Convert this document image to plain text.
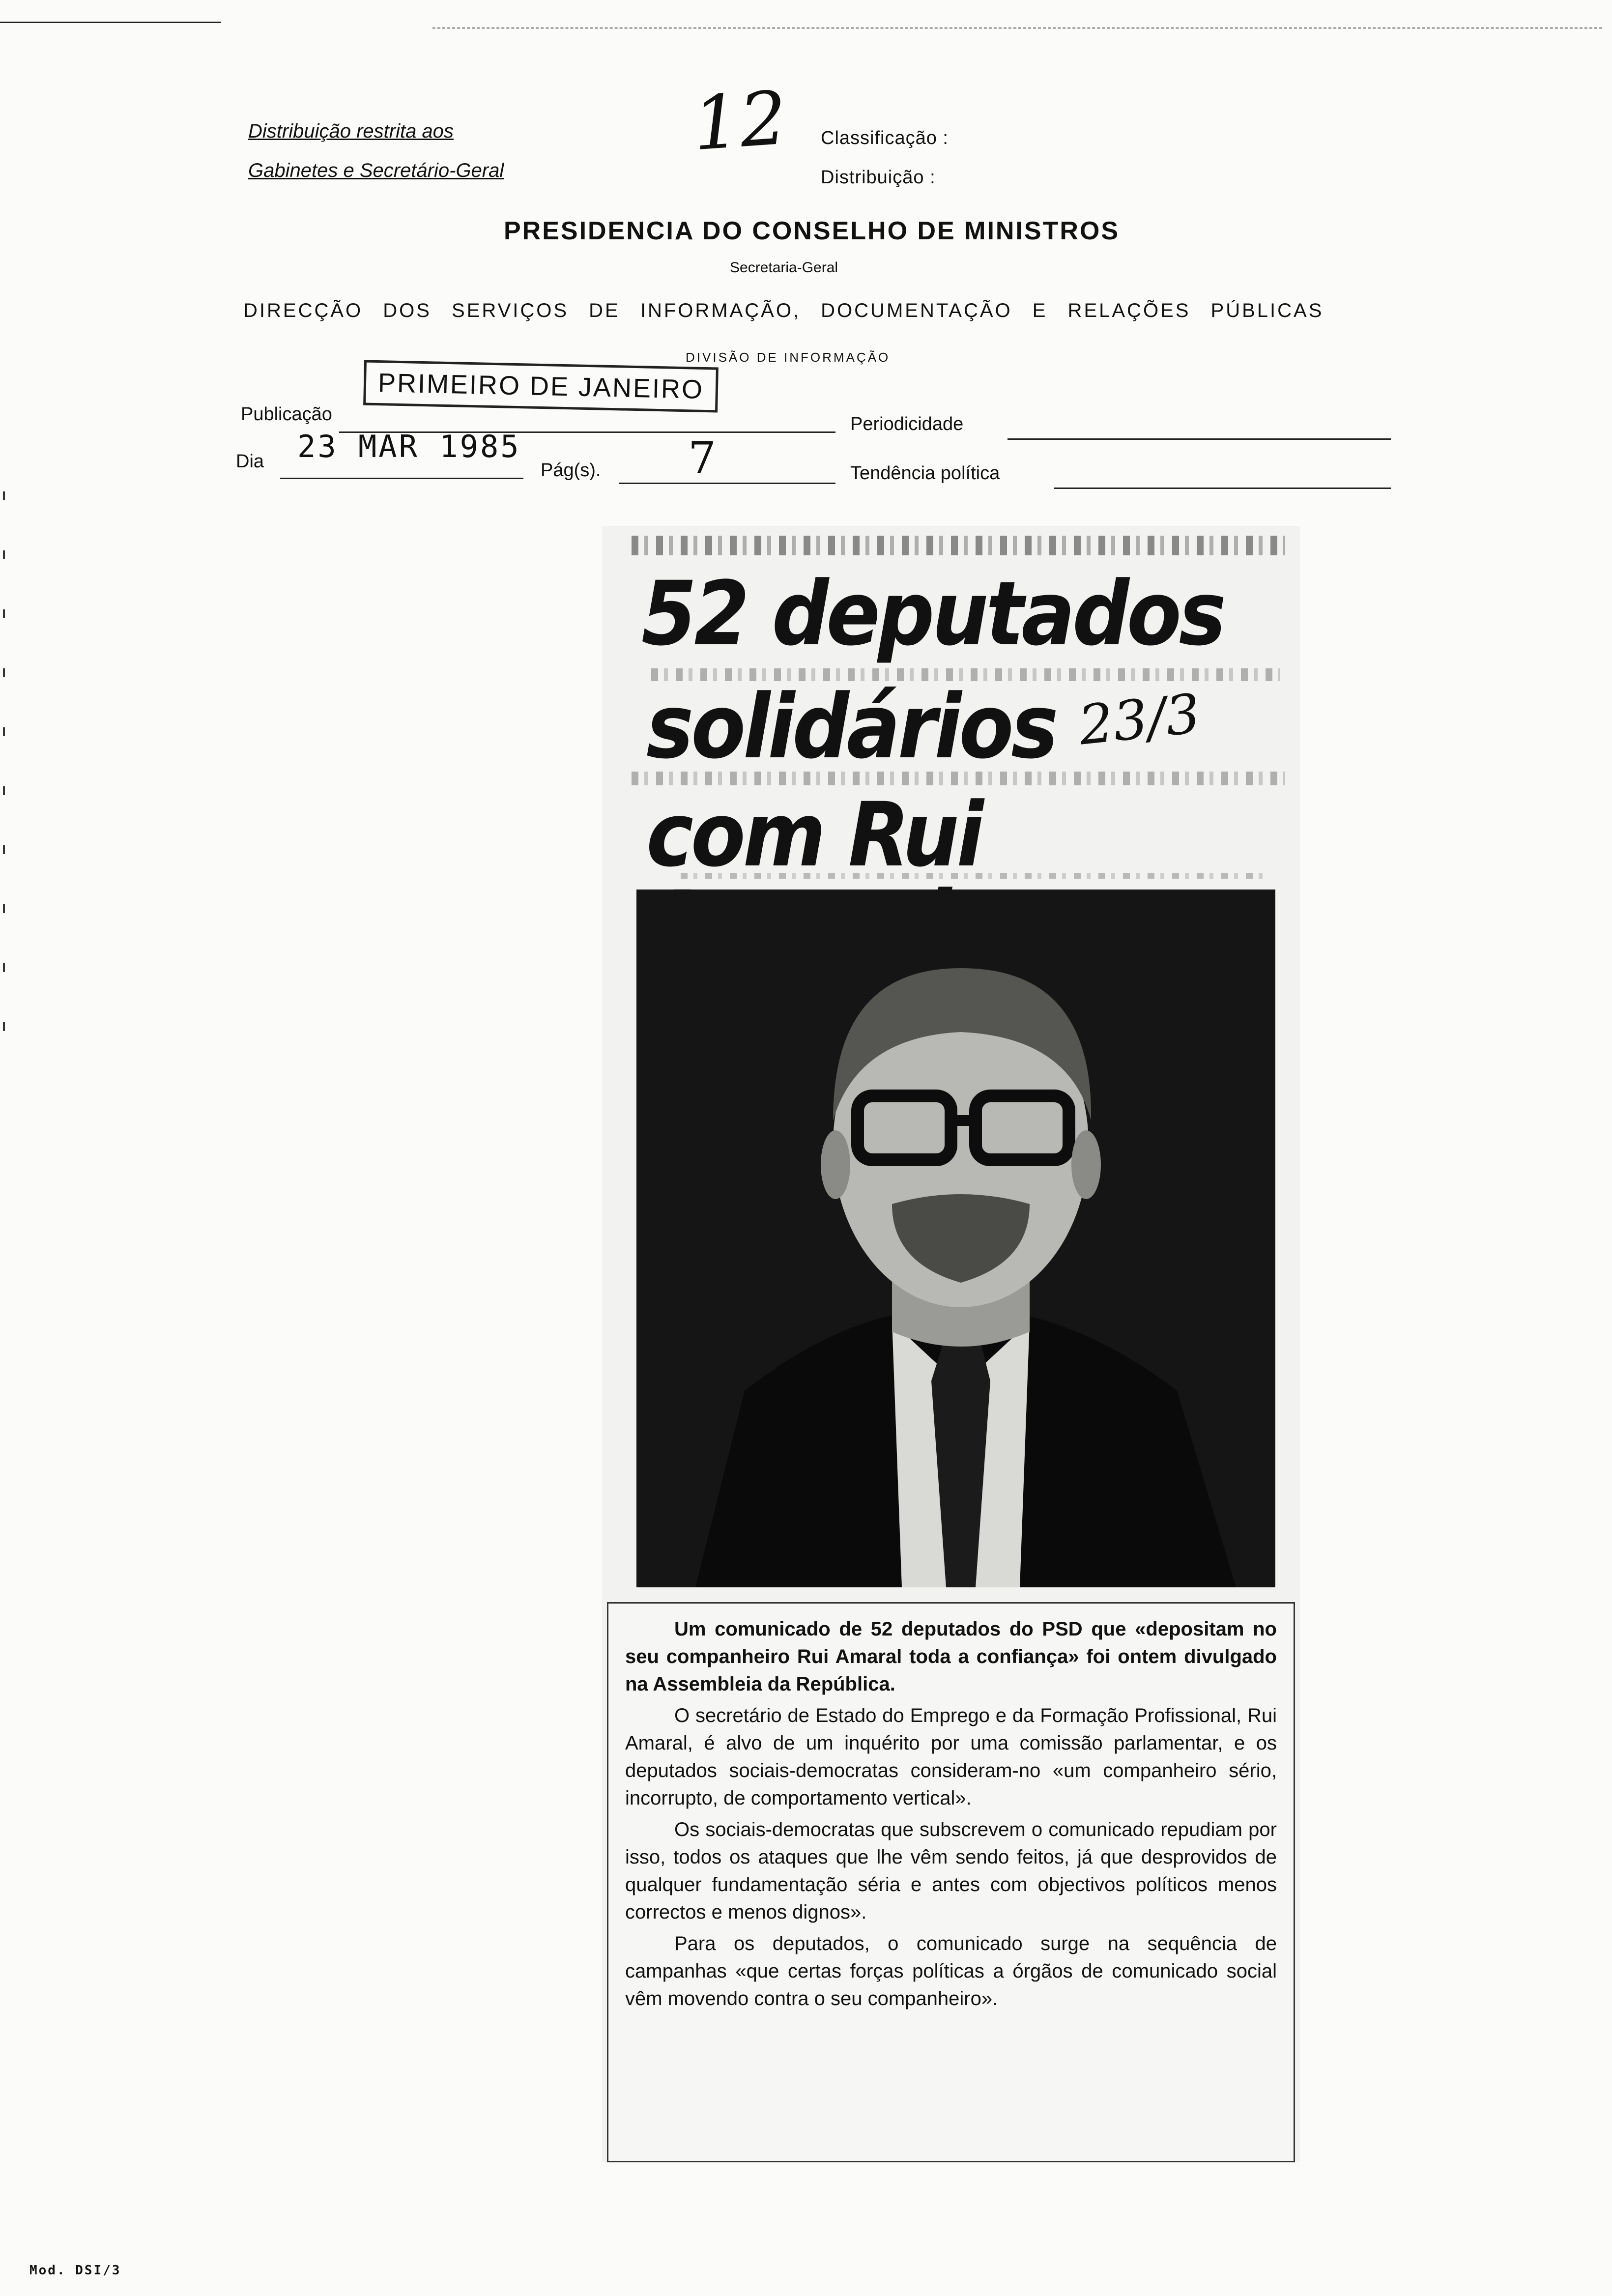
Distribuição restrita aos
Gabinetes e Secretário-Geral
12 Classificação :
Distribuição :
PRESIDENCIA DO CONSELHO DE MINISTROS
Secretaria-Geral
DIRECÇÃO DOS SERVIÇOS DE INFORMAÇÃO, DOCUMENTAÇÃO E RELAÇÕES PÚBLICAS
DIVISÃO DE INFORMAÇÃO
PRIMEIRO DE JANEIRO
Publicação	Periodicidade
23 MAR 1985
Dia	Pág(s). 7	Tendência política
52 deputados
solidários 23/3
com Rui

Um comunicado de 52 deputados do PSD que «depositam no seu companheiro Rui Amaral toda a confiança» foi ontem divulgado na Assembleia da República.

O secretário de Estado do Emprego e da Formação Profissional, Rui Amaral, é alvo de um inquérito por uma comissão parlamentar, e os deputados sociais-democratas consideram-no «um companheiro sério, incorrupto, de comportamento vertical».

Os sociais-democratas que subscrevem o comunicado repudiam por isso, todos os ataques que lhe vêm sendo feitos, já que desprovidos de qualquer fundamentação séria e antes com objectivos políticos menos correctos e menos dignos».

Para os deputados, o comunicado surge na sequência de campanhas «que certas forças políticas a órgãos de comunicado social vêm movendo contra o seu companheiro».

Mod. DSI/3
